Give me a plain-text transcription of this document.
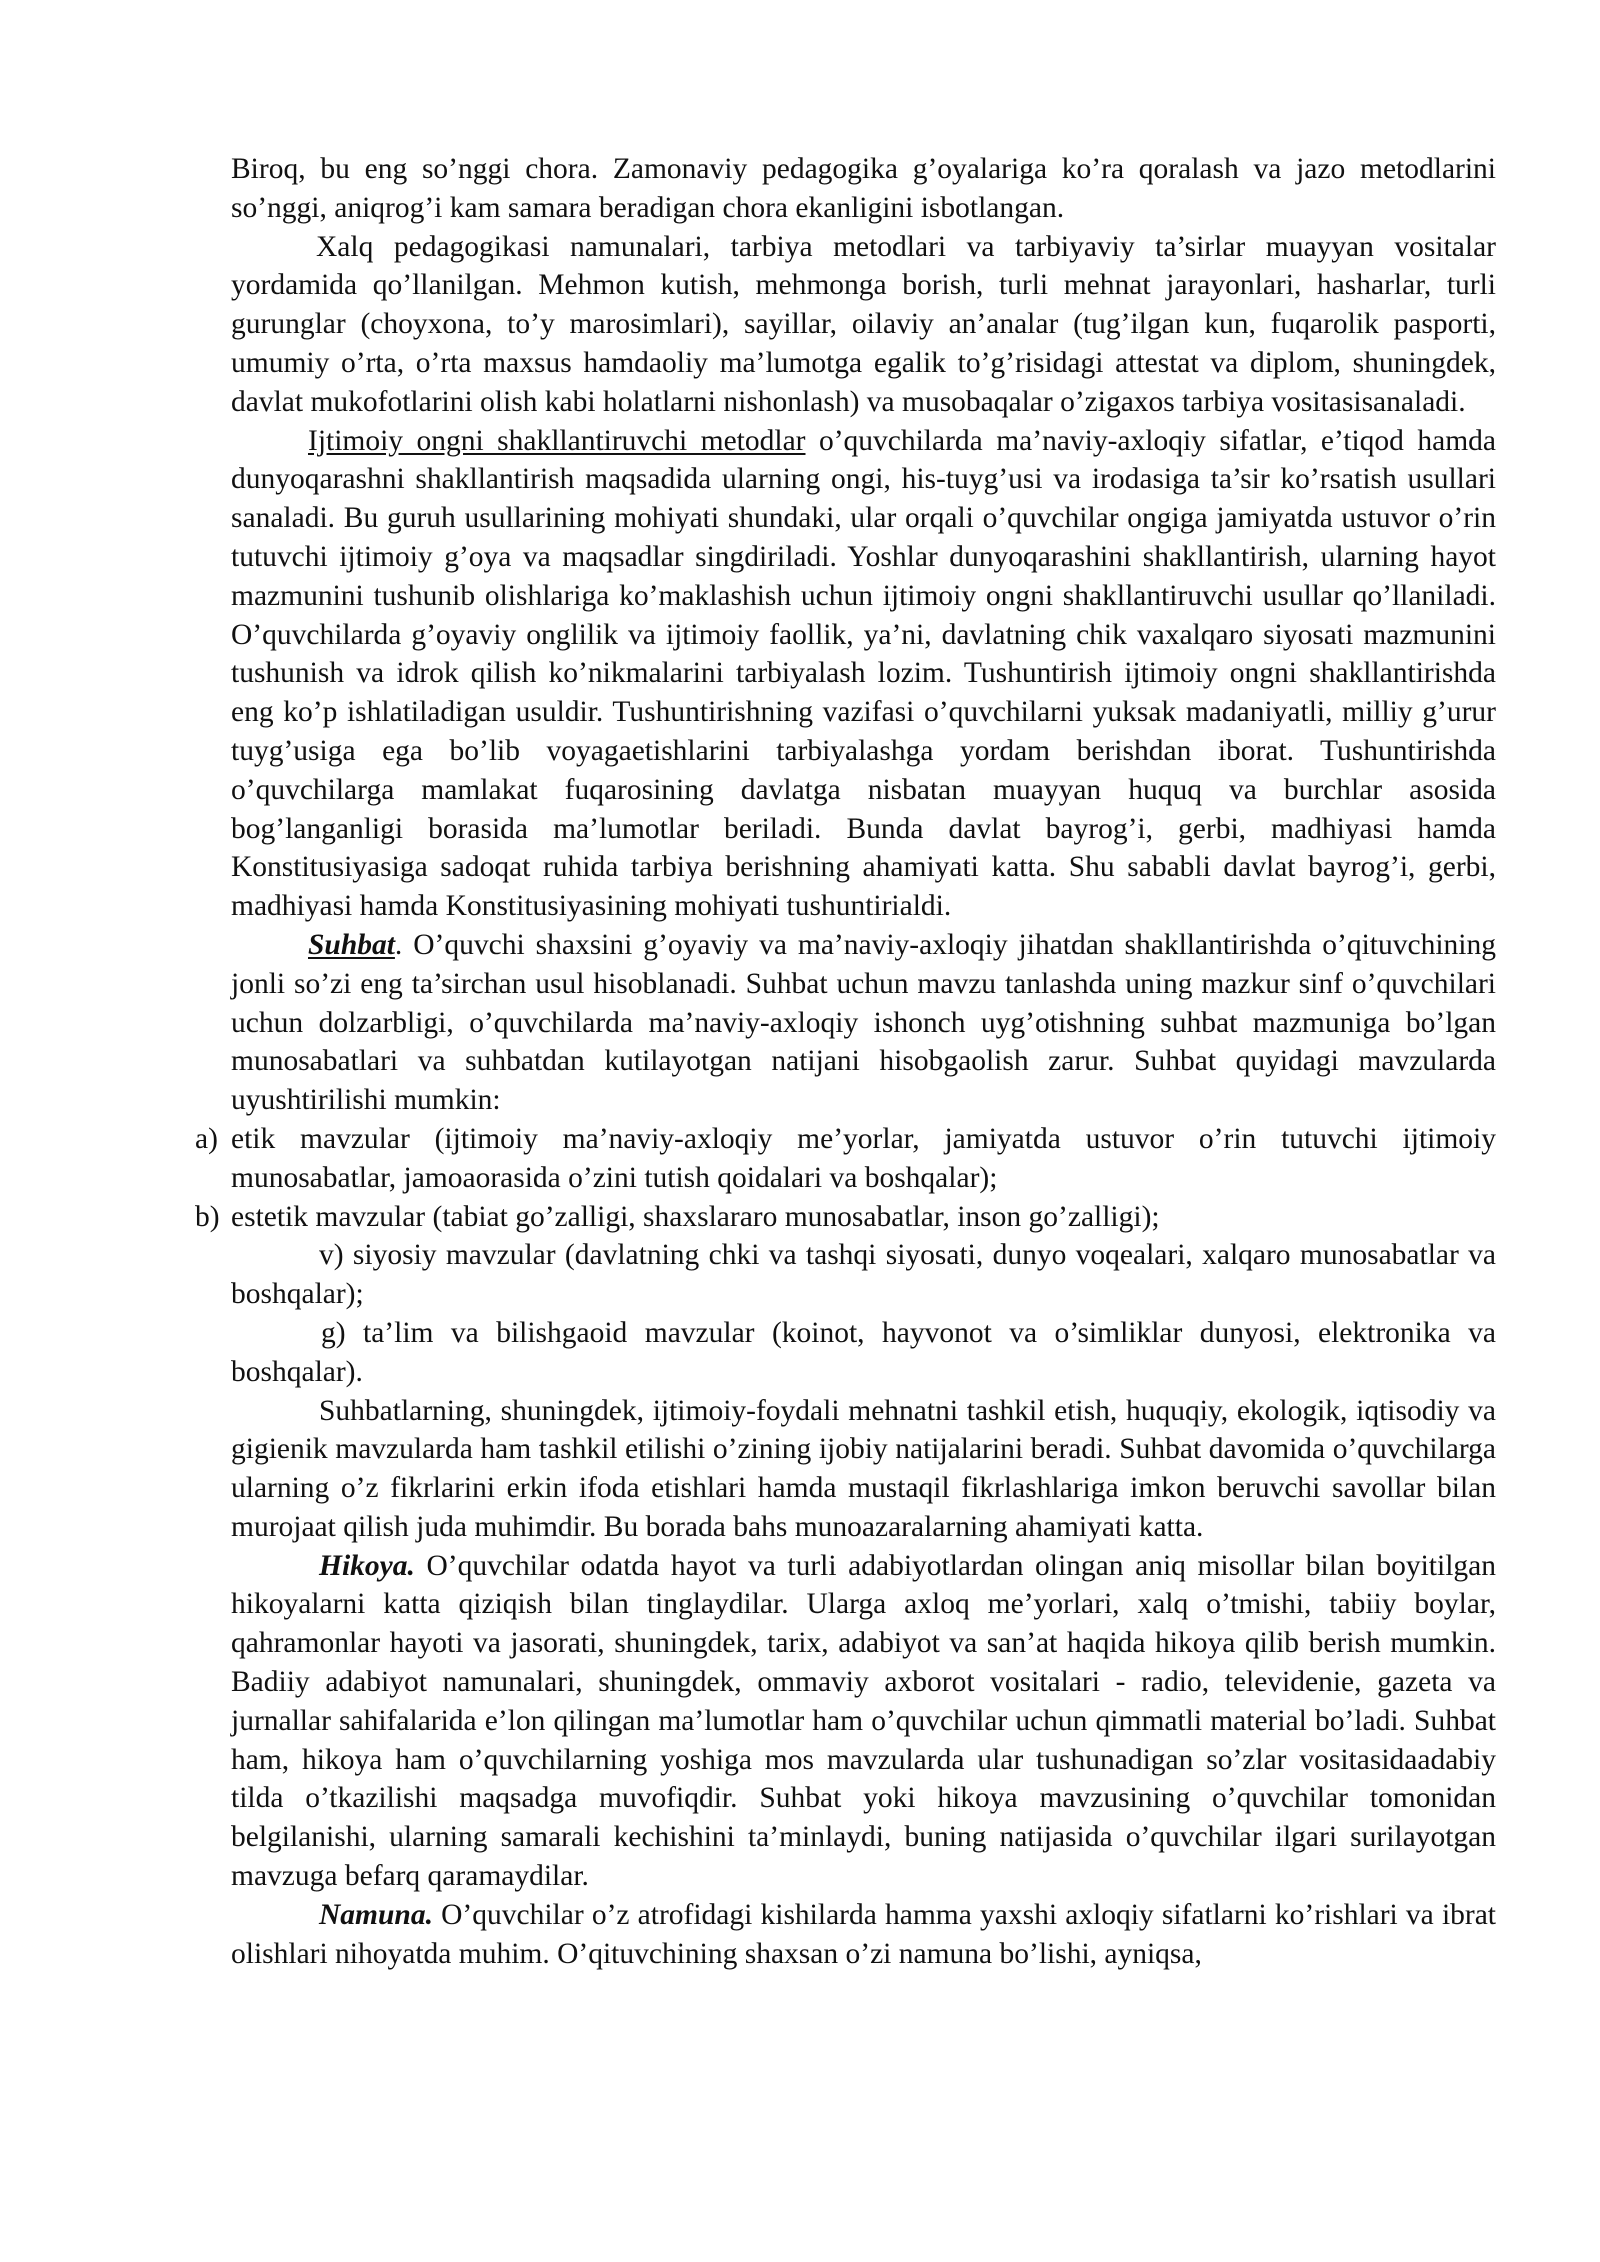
Biroq, bu eng so’nggi chora. Zamonaviy pedagogika g’oyalariga ko’ra qoralash va jazo metodlarini so’nggi, aniqrog’i kam samara beradigan chora ekanligini isbotlangan.

Xalq pedagogikasi namunalari, tarbiya metodlari va tarbiyaviy ta’sirlar muayyan vositalar yordamida qo’llanilgan. Mehmon kutish, mehmonga borish, turli mehnat jarayonlari, hasharlar, turli gurunglar (choyxona, to’y marosimlari), sayillar, oilaviy an’analar (tug’ilgan kun, fuqarolik pasporti, umumiy o’rta, o’rta maxsus hamdaoliy ma’lumotga egalik to’g’risidagi attestat va diplom, shuningdek, davlat mukofotlarini olish kabi holatlarni nishonlash) va musobaqalar o’zigaxos tarbiya vositasisanaladi.

Ijtimoiy ongni shakllantiruvchi metodlar o’quvchilarda ma’naviy-axloqiy sifatlar, e’tiqod hamda dunyoqarashni shakllantirish maqsadida ularning ongi, his-tuyg’usi va irodasiga ta’sir ko’rsatish usullari sanaladi. Bu guruh usullarining mohiyati shundaki, ular orqali o’quvchilar ongiga jamiyatda ustuvor o’rin tutuvchi ijtimoiy g’oya va maqsadlar singdiriladi. Yoshlar dunyoqarashini shakllantirish, ularning hayot mazmunini tushunib olishlariga ko’maklashish uchun ijtimoiy ongni shakllantiruvchi usullar qo’llaniladi. O’quvchilarda g’oyaviy onglilik va ijtimoiy faollik, ya’ni, davlatning chik vaxalqaro siyosati mazmunini tushunish va idrok qilish ko’nikmalarini tarbiyalash lozim. Tushuntirish ijtimoiy ongni shakllantirishda eng ko’p ishlatiladigan usuldir. Tushuntirishning vazifasi o’quvchilarni yuksak madaniyatli, milliy g’urur tuyg’usiga ega bo’lib voyagaetishlarini tarbiyalashga yordam berishdan iborat. Tushuntirishda o’quvchilarga mamlakat fuqarosining davlatga nisbatan muayyan huquq va burchlar asosida bog’langanligi borasida ma’lumotlar beriladi. Bunda davlat bayrog’i, gerbi, madhiyasi hamda Konstitusiyasiga sadoqat ruhida tarbiya berishning ahamiyati katta. Shu sababli davlat bayrog’i, gerbi, madhiyasi hamda Konstitusiyasining mohiyati tushuntirialdi.

Suhbat. O’quvchi shaxsini g’oyaviy va ma’naviy-axloqiy jihatdan shakllantirishda o’qituvchining jonli so’zi eng ta’sirchan usul hisoblanadi. Suhbat uchun mavzu tanlashda uning mazkur sinf o’quvchilari uchun dolzarbligi, o’quvchilarda ma’naviy-axloqiy ishonch uyg’otishning suhbat mazmuniga bo’lgan munosabatlari va suhbatdan kutilayotgan natijani hisobgaolish zarur. Suhbat quyidagi mavzularda uyushtirilishi mumkin:

a) etik mavzular (ijtimoiy ma’naviy-axloqiy me’yorlar, jamiyatda ustuvor o’rin tutuvchi ijtimoiy munosabatlar, jamoaorasida o’zini tutish qoidalari va boshqalar);

b) estetik mavzular (tabiat go’zalligi, shaxslararo munosabatlar, inson go’zalligi);

v) siyosiy mavzular (davlatning chki va tashqi siyosati, dunyo voqealari, xalqaro munosabatlar va boshqalar);

g) ta’lim va bilishgaoid mavzular (koinot, hayvonot va o’simliklar dunyosi, elektronika va boshqalar).

Suhbatlarning, shuningdek, ijtimoiy-foydali mehnatni tashkil etish, huquqiy, ekologik, iqtisodiy va gigienik mavzularda ham tashkil etilishi o’zining ijobiy natijalarini beradi. Suhbat davomida o’quvchilarga ularning o’z fikrlarini erkin ifoda etishlari hamda mustaqil fikrlashlariga imkon beruvchi savollar bilan murojaat qilish juda muhimdir. Bu borada bahs munoazaralarning ahamiyati katta.

Hikoya. O’quvchilar odatda hayot va turli adabiyotlardan olingan aniq misollar bilan boyitilgan hikoyalarni katta qiziqish bilan tinglaydilar. Ularga axloq me’yorlari, xalq o’tmishi, tabiiy boylar, qahramonlar hayoti va jasorati, shuningdek, tarix, adabiyot va san’at haqida hikoya qilib berish mumkin. Badiiy adabiyot namunalari, shuningdek, ommaviy axborot vositalari - radio, televidenie, gazeta va jurnallar sahifalarida e’lon qilingan ma’lumotlar ham o’quvchilar uchun qimmatli material bo’ladi. Suhbat ham, hikoya ham o’quvchilarning yoshiga mos mavzularda ular tushunadigan so’zlar vositasidaadabiy tilda o’tkazilishi maqsadga muvofiqdir. Suhbat yoki hikoya mavzusining o’quvchilar tomonidan belgilanishi, ularning samarali kechishini ta’minlaydi, buning natijasida o’quvchilar ilgari surilayotgan mavzuga befarq qaramaydilar.

Namuna. O’quvchilar o’z atrofidagi kishilarda hamma yaxshi axloqiy sifatlarni ko’rishlari va ibrat olishlari nihoyatda muhim. O’qituvchining shaxsan o’zi namuna bo’lishi, ayniqsa,
